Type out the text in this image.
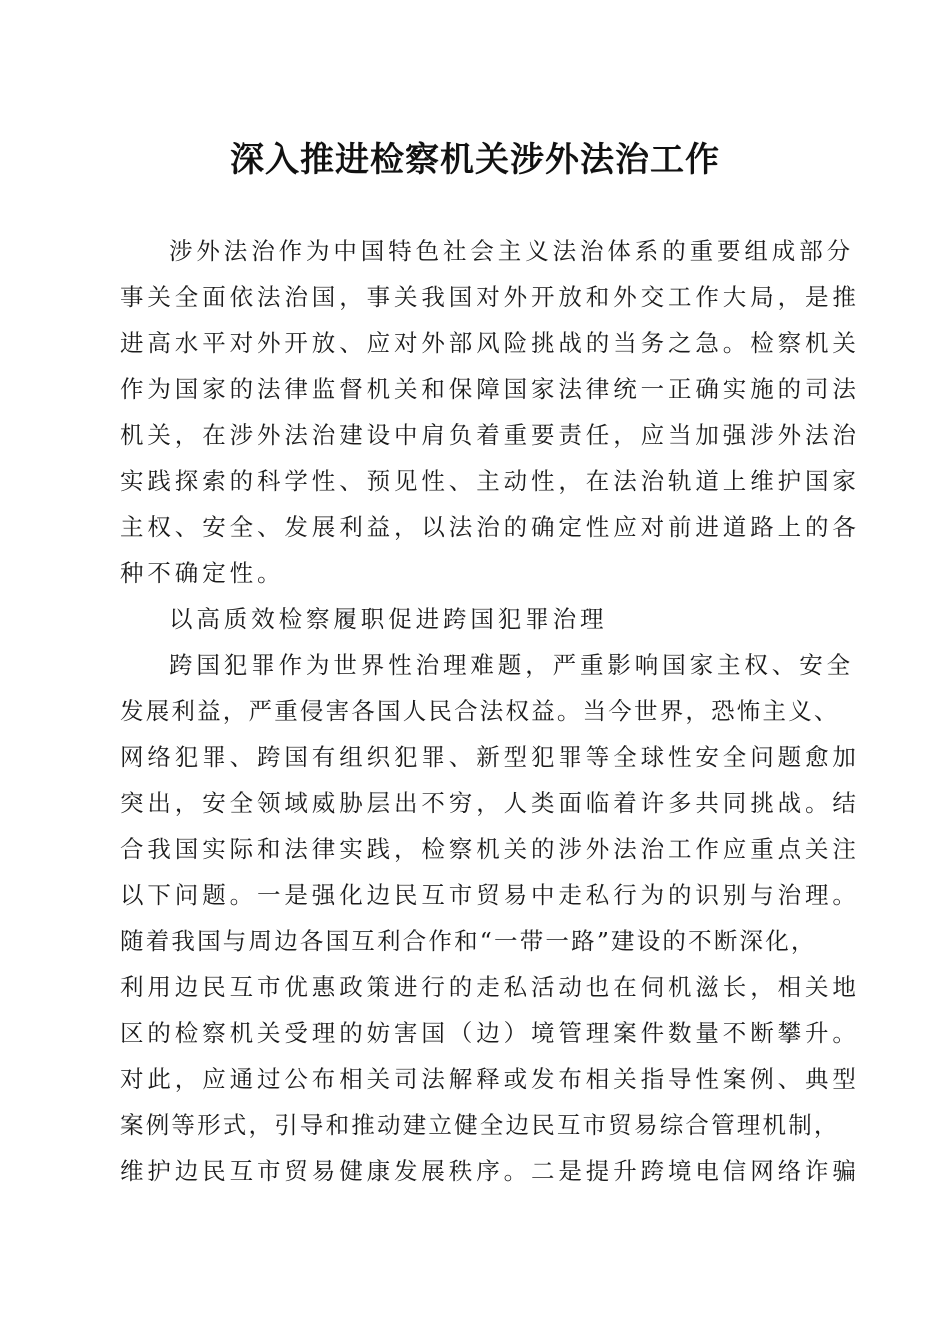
深入推进检察机关涉外法治工作
涉外法治作为中国特色社会主义法治体系的重要组成部分
事关全面依法治国，事关我国对外开放和外交工作大局，是推
进高水平对外开放、应对外部风险挑战的当务之急。检察机关
作为国家的法律监督机关和保障国家法律统一正确实施的司法
机关，在涉外法治建设中肩负着重要责任，应当加强涉外法治
实践探索的科学性、预见性、主动性，在法治轨道上维护国家
主权、安全、发展利益，以法治的确定性应对前进道路上的各
种不确定性。
以高质效检察履职促进跨国犯罪治理
跨国犯罪作为世界性治理难题，严重影响国家主权、安全
发展利益，严重侵害各国人民合法权益。当今世界，恐怖主义、
网络犯罪、跨国有组织犯罪、新型犯罪等全球性安全问题愈加
突出，安全领域威胁层出不穷，人类面临着许多共同挑战。结
合我国实际和法律实践，检察机关的涉外法治工作应重点关注
以下问题。一是强化边民互市贸易中走私行为的识别与治理。
随着我国与周边各国互利合作和“一带一路”建设的不断深化，
利用边民互市优惠政策进行的走私活动也在伺机滋长，相关地
区的检察机关受理的妨害国（边）境管理案件数量不断攀升。
对此，应通过公布相关司法解释或发布相关指导性案例、典型
案例等形式，引导和推动建立健全边民互市贸易综合管理机制，
维护边民互市贸易健康发展秩序。二是提升跨境电信网络诈骗
